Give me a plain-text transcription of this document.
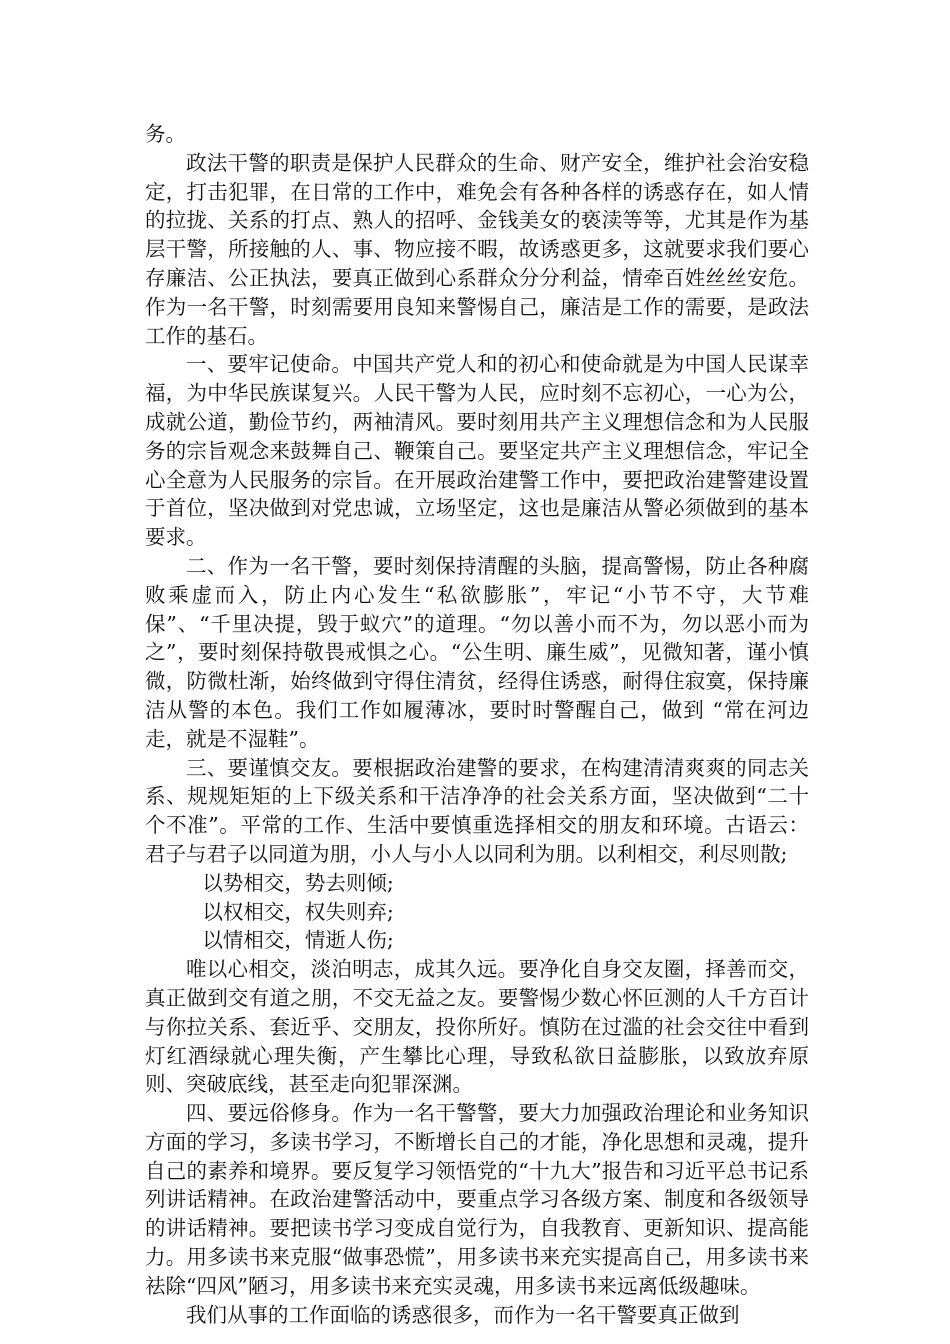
务。

政法干警的职责是保护人民群众的生命、财产安全，维护社会治安稳定，打击犯罪，在日常的工作中，难免会有各种各样的诱惑存在，如人情的拉拢、关系的打点、熟人的招呼、金钱美女的亵渎等等，尤其是作为基层干警，所接触的人、事、物应接不暇，故诱惑更多，这就要求我们要心存廉洁、公正执法，要真正做到心系群众分分利益，情牵百姓丝丝安危。作为一名干警，时刻需要用良知来警惕自己，廉洁是工作的需要，是政法工作的基石。

一、要牢记使命。中国共产党人和的初心和使命就是为中国人民谋幸福，为中华民族谋复兴。人民干警为人民，应时刻不忘初心，一心为公，成就公道，勤俭节约，两袖清风。要时刻用共产主义理想信念和为人民服务的宗旨观念来鼓舞自己、鞭策自己。要坚定共产主义理想信念，牢记全心全意为人民服务的宗旨。在开展政治建警工作中，要把政治建警建设置于首位，坚决做到对党忠诚，立场坚定，这也是廉洁从警必须做到的基本要求。

二、作为一名干警，要时刻保持清醒的头脑，提高警惕，防止各种腐败乘虚而入，防止内心发生“私欲膨胀”，牢记“小节不守，大节难保”、“千里决提，毁于蚁穴”的道理。“勿以善小而不为，勿以恶小而为之”，要时刻保持敬畏戒惧之心。“公生明、廉生威”，见微知著，谨小慎微，防微杜渐，始终做到守得住清贫，经得住诱惑，耐得住寂寞，保持廉洁从警的本色。我们工作如履薄冰，要时时警醒自己，做到 “常在河边走，就是不湿鞋”。

三、要谨慎交友。要根据政治建警的要求，在构建清清爽爽的同志关系、规规矩矩的上下级关系和干洁净净的社会关系方面，坚决做到“二十个不准”。平常的工作、生活中要慎重选择相交的朋友和环境。古语云：君子与君子以同道为朋，小人与小人以同利为朋。以利相交，利尽则散;

以势相交，势去则倾;

以权相交，权失则弃;

以情相交，情逝人伤;

唯以心相交，淡泊明志，成其久远。要净化自身交友圈，择善而交，真正做到交有道之朋，不交无益之友。要警惕少数心怀叵测的人千方百计与你拉关系、套近乎、交朋友，投你所好。慎防在过滥的社会交往中看到灯红酒绿就心理失衡，产生攀比心理，导致私欲日益膨胀，以致放弃原则、突破底线，甚至走向犯罪深渊。

四、要远俗修身。作为一名干警警，要大力加强政治理论和业务知识方面的学习，多读书学习，不断增长自己的才能，净化思想和灵魂，提升自己的素养和境界。要反复学习领悟党的“十九大”报告和习近平总书记系列讲话精神。在政治建警活动中，要重点学习各级方案、制度和各级领导的讲话精神。要把读书学习变成自觉行为，自我教育、更新知识、提高能力。用多读书来克服“做事恐慌”，用多读书来充实提高自己，用多读书来祛除“四风”陋习，用多读书来充实灵魂，用多读书来远离低级趣味。

我们从事的工作面临的诱惑很多，而作为一名干警要真正做到
